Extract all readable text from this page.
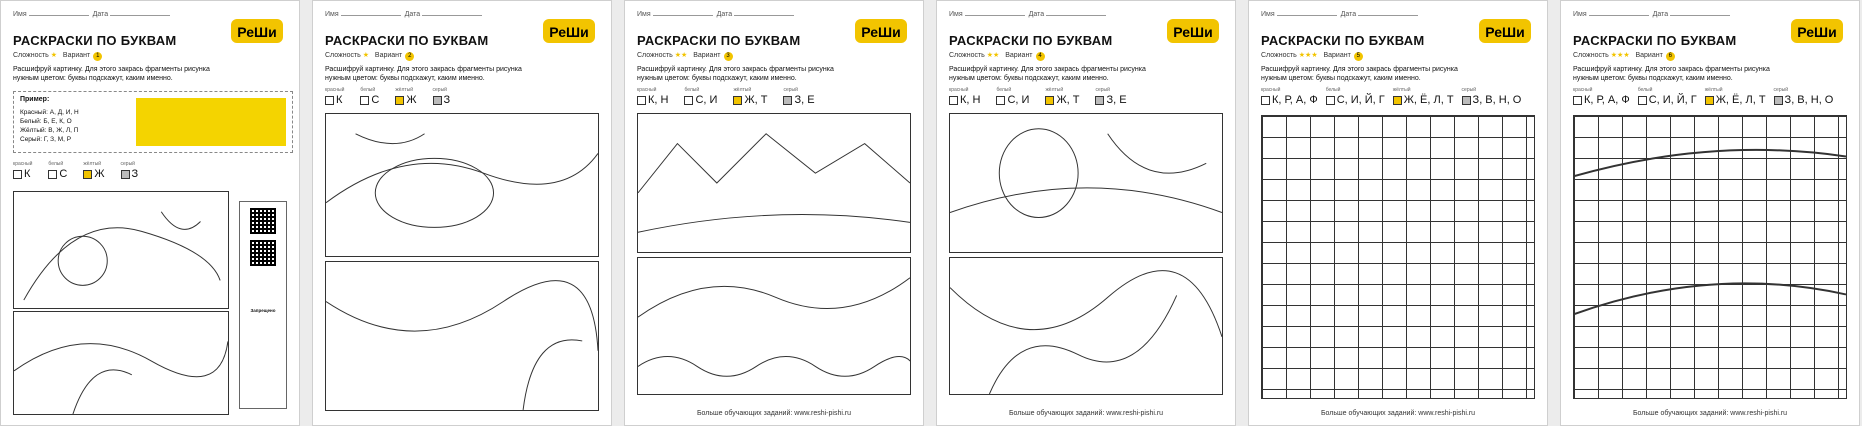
Имя	Дата
РеШи
РАСКРАСКИ ПО БУКВАМ
Сложность ★ Вариант 1
Расшифруй картинку. Для этого закрась фрагменты рисунка нужным цветом: буквы подскажут, каким именно.
Пример:
Красный: А, Д, И, Н
Белый: Б, Е, К, О
Жёлтый: В, Ж, Л, П
Серый: Г, З, М, Р
красный
К
белый
С
жёлтый
Ж
серый
З
Запрещено
Имя	Дата
РеШи
РАСКРАСКИ ПО БУКВАМ
Сложность ★ Вариант 2
Расшифруй картинку. Для этого закрась фрагменты рисунка нужным цветом: буквы подскажут, каким именно.
красный
К
белый
С
жёлтый
Ж
серый
З
Имя	Дата
РеШи
РАСКРАСКИ ПО БУКВАМ
Сложность ★★ Вариант 3
Расшифруй картинку. Для этого закрась фрагменты рисунка нужным цветом: буквы подскажут, каким именно.
красный
К, Н
белый
С, И
жёлтый
Ж, Т
серый
З, Е
Больше обучающих заданий: www.reshi-pishi.ru
Имя	Дата
РеШи
РАСКРАСКИ ПО БУКВАМ
Сложность ★★ Вариант 4
Расшифруй картинку. Для этого закрась фрагменты рисунка нужным цветом: буквы подскажут, каким именно.
красный
К, Н
белый
С, И
жёлтый
Ж, Т
серый
З, Е
Больше обучающих заданий: www.reshi-pishi.ru
Имя	Дата
РеШи
РАСКРАСКИ ПО БУКВАМ
Сложность ★★★ Вариант 5
Расшифруй картинку. Для этого закрась фрагменты рисунка нужным цветом: буквы подскажут, каким именно.
красный
К, Р, А, Ф
белый
С, И, Й, Г
жёлтый
Ж, Ё, Л, Т
серый
З, В, Н, О
Больше обучающих заданий: www.reshi-pishi.ru
Имя	Дата
РеШи
РАСКРАСКИ ПО БУКВАМ
Сложность ★★★ Вариант 6
Расшифруй картинку. Для этого закрась фрагменты рисунка нужным цветом: буквы подскажут, каким именно.
красный
К, Р, А, Ф
белый
С, И, Й, Г
жёлтый
Ж, Ё, Л, Т
серый
З, В, Н, О
Больше обучающих заданий: www.reshi-pishi.ru
